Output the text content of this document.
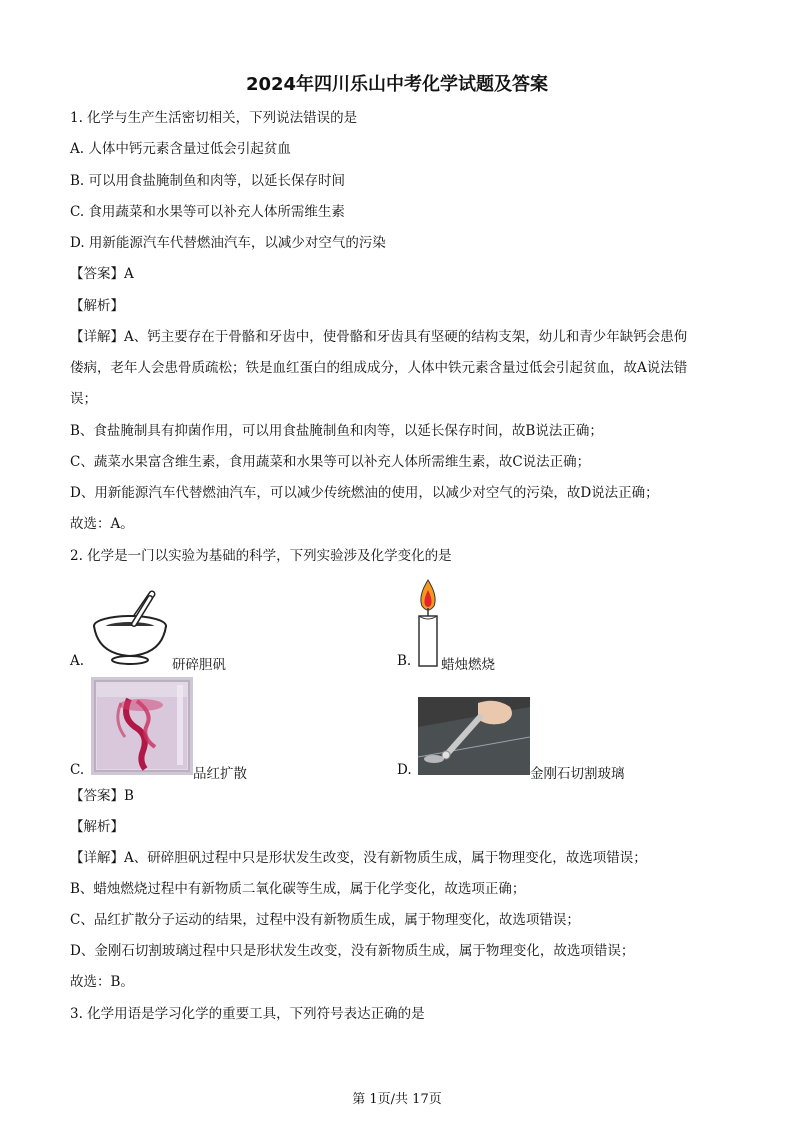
2024年四川乐山中考化学试题及答案
1. 化学与生产生活密切相关，下列说法错误的是
A. 人体中钙元素含量过低会引起贫血
B. 可以用食盐腌制鱼和肉等，以延长保存时间
C. 食用蔬菜和水果等可以补充人体所需维生素
D. 用新能源汽车代替燃油汽车，以减少对空气的污染
【答案】A
【解析】
【详解】A、钙主要存在于骨骼和牙齿中，使骨骼和牙齿具有坚硬的结构支架，幼儿和青少年缺钙会患佝
偻病，老年人会患骨质疏松；铁是血红蛋白的组成成分，人体中铁元素含量过低会引起贫血，故A说法错
误；
B、食盐腌制具有抑菌作用，可以用食盐腌制鱼和肉等，以延长保存时间，故B说法正确；
C、蔬菜水果富含维生素，食用蔬菜和水果等可以补充人体所需维生素，故C说法正确；
D、用新能源汽车代替燃油汽车，可以减少传统燃油的使用，以减少对空气的污染，故D说法正确；
故选：A。
2. 化学是一门以实验为基础的科学，下列实验涉及化学变化的是
A.	研碎胆矾	B. 蜡烛燃烧
C.	品红扩散	D.	金刚石切割玻璃
【答案】B
【解析】
【详解】A、研碎胆矾过程中只是形状发生改变，没有新物质生成，属于物理变化，故选项错误；
B、蜡烛燃烧过程中有新物质二氧化碳等生成，属于化学变化，故选项正确；
C、品红扩散分子运动的结果，过程中没有新物质生成，属于物理变化，故选项错误；
D、金刚石切割玻璃过程中只是形状发生改变，没有新物质生成，属于物理变化，故选项错误；
故选：B。
3. 化学用语是学习化学的重要工具，下列符号表达正确的是
第 1页/共 17页
